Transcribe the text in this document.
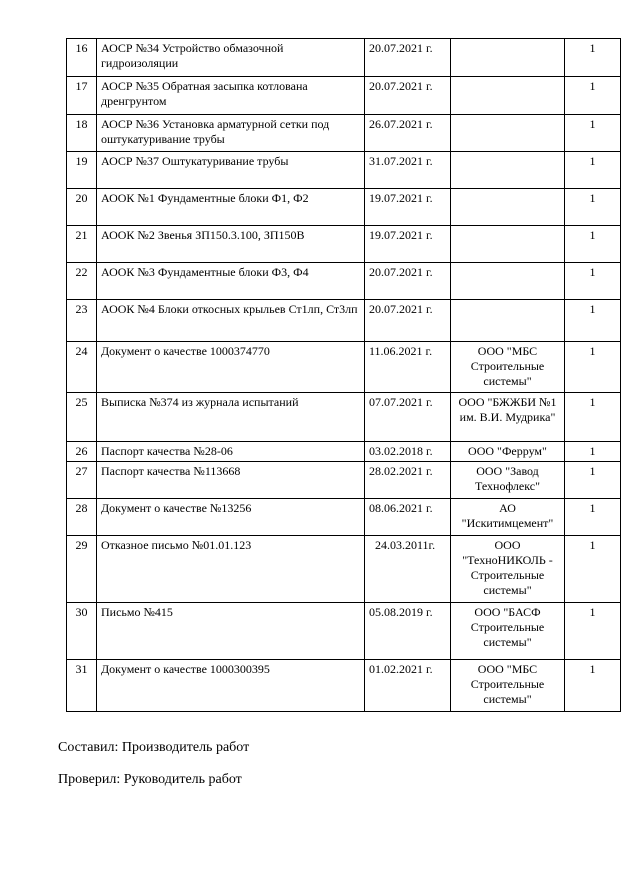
16	АОСР №34 Устройство обмазочной гидроизоляции	20.07.2021 г.		1
17	АОСР №35 Обратная засыпка котлована дренгрунтом	20.07.2021 г.		1
18	АОСР №36 Установка арматурной сетки под оштукатуривание трубы	26.07.2021 г.		1
19	АОСР №37 Оштукатуривание трубы	31.07.2021 г.		1
20	АООК №1 Фундаментные блоки Ф1, Ф2	19.07.2021 г.		1
21	АООК №2 Звенья ЗП150.3.100, ЗП150В	19.07.2021 г.		1
22	АООК №3 Фундаментные блоки Ф3, Ф4	20.07.2021 г.		1
23	АООК №4 Блоки откосных крыльев Ст1лп, Ст3лп	20.07.2021 г.		1
24	Документ о качестве 1000374770	11.06.2021 г.	ООО "МБС Строительные системы"	1
25	Выписка №374 из журнала испытаний	07.07.2021 г.	ООО "БЖЖБИ №1 им. В.И. Мудрика"	1
26	Паспорт качества №28-06	03.02.2018 г.	ООО "Феррум"	1
27	Паспорт качества №113668	28.02.2021 г.	ООО "Завод Технофлекс"	1
28	Документ о качестве №13256	08.06.2021 г.	АО "Искитимцемент"	1
29	Отказное письмо №01.01.123	24.03.2011г.	ООО "ТехноНИКОЛЬ - Строительные системы"	1
30	Письмо №415	05.08.2019 г.	ООО "БАСФ Строительные системы"	1
31	Документ о качестве 1000300395	01.02.2021 г.	ООО "МБС Строительные системы"	1
Составил: Производитель работ
Проверил: Руководитель работ
